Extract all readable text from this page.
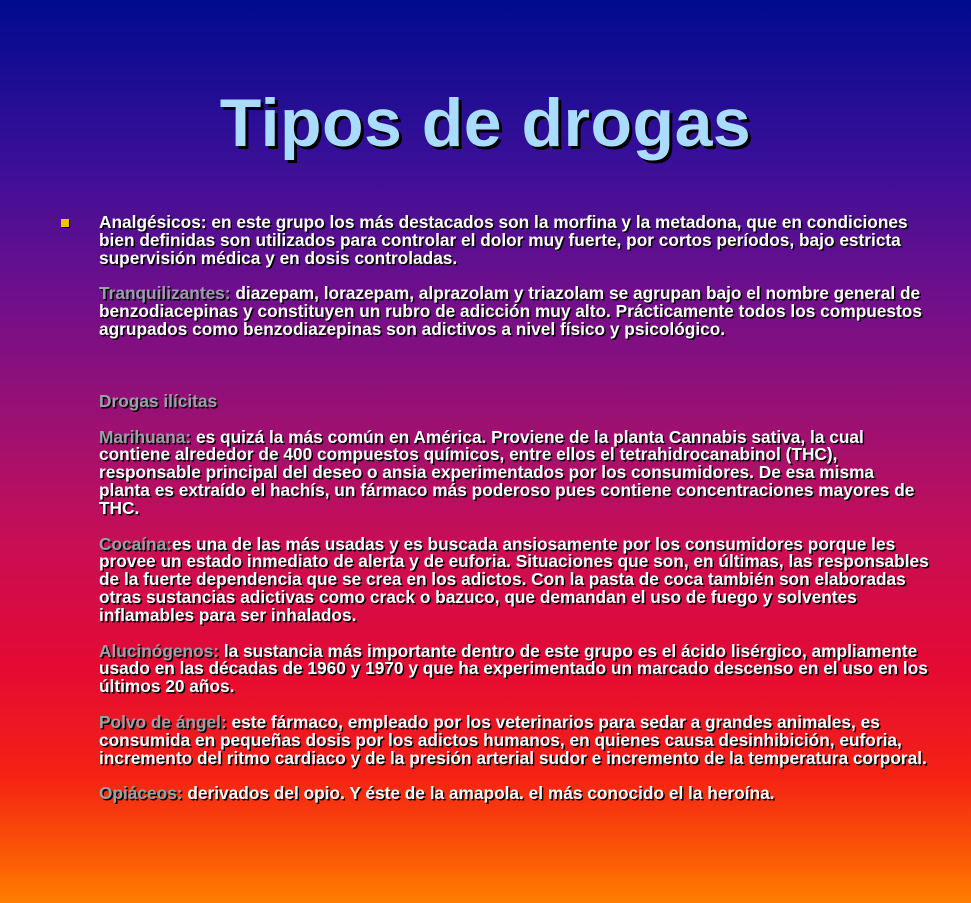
Tipos de drogas

Analgésicos: en este grupo los más destacados son la morfina y la metadona, que en condiciones bien definidas son utilizados para controlar el dolor muy fuerte, por cortos períodos, bajo estricta supervisión médica y en dosis controladas.

Tranquilizantes: diazepam, lorazepam, alprazolam y triazolam se agrupan bajo el nombre general de benzodiacepinas y constituyen un rubro de adicción muy alto. Prácticamente todos los compuestos agrupados como benzodiazepinas son adictivos a nivel físico y psicológico.

Drogas ilícitas

Marihuana: es quizá la más común en América. Proviene de la planta Cannabis sativa, la cual contiene alrededor de 400 compuestos químicos, entre ellos el tetrahidrocanabinol (THC), responsable principal del deseo o ansia experimentados por los consumidores. De esa misma planta es extraído el hachís, un fármaco más poderoso pues contiene concentraciones mayores de THC.

Cocaína:es una de las más usadas y es buscada ansiosamente por los consumidores porque les provee un estado inmediato de alerta y de euforia. Situaciones que son, en últimas, las responsables de la fuerte dependencia que se crea en los adictos. Con la pasta de coca también son elaboradas otras sustancias adictivas como crack o bazuco, que demandan el uso de fuego y solventes inflamables para ser inhalados.

Alucinógenos: la sustancia más importante dentro de este grupo es el ácido lisérgico, ampliamente usado en las décadas de 1960 y 1970 y que ha experimentado un marcado descenso en el uso en los últimos 20 años.

Polvo de ángel: este fármaco, empleado por los veterinarios para sedar a grandes animales, es consumida en pequeñas dosis por los adictos humanos, en quienes causa desinhibición, euforia, incremento del ritmo cardiaco y de la presión arterial sudor e incremento de la temperatura corporal.

Opiáceos: derivados del opio. Y éste de la amapola. el más conocido el la heroína.
